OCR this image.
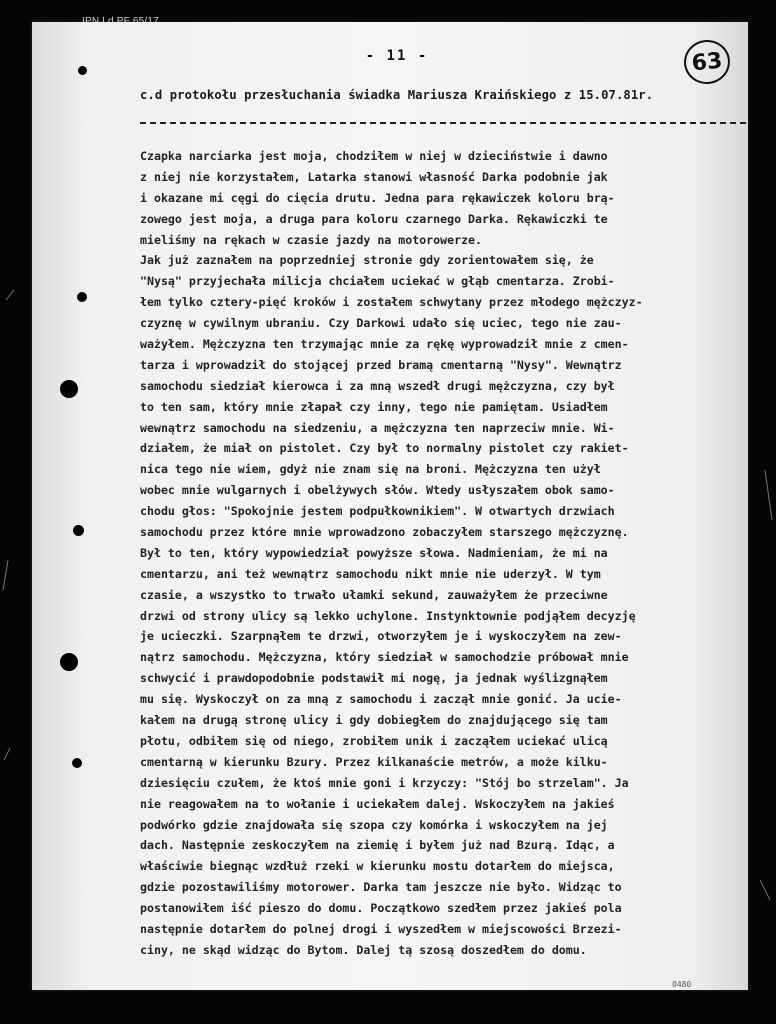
- 11 -	63
c.d protokołu przesłuchania świadka Mariusza Kraińskiego z 15.07.81r.
Czapka narciarka jest moja, chodziłem w niej w dzieciństwie i dawno
z niej nie korzystałem, Latarka stanowi własność Darka podobnie jak
i okazane mi cęgi do cięcia drutu. Jedna para rękawiczek koloru brą-
zowego jest moja, a druga para koloru czarnego Darka. Rękawiczki te
mieliśmy na rękach w czasie jazdy na motorowerze.
Jak już zaznałem na poprzedniej stronie gdy zorientowałem się, że
"Nysą" przyjechała milicja chciałem uciekać w głąb cmentarza. Zrobi-
łem tylko cztery-pięć kroków i zostałem schwytany przez młodego mężczyz-
czyznę w cywilnym ubraniu. Czy Darkowi udało się uciec, tego nie zau-
ważyłem. Mężczyzna ten trzymając mnie za rękę wyprowadził mnie z cmen-
tarza i wprowadził do stojącej przed bramą cmentarną "Nysy". Wewnątrz
samochodu siedział kierowca i za mną wszedł drugi mężczyzna, czy był
to ten sam, który mnie złapał czy inny, tego nie pamiętam. Usiadłem
wewnątrz samochodu na siedzeniu, a mężczyzna ten naprzeciw mnie. Wi-
działem, że miał on pistolet. Czy był to normalny pistolet czy rakiet-
nica tego nie wiem, gdyż nie znam się na broni. Mężczyzna ten użył
wobec mnie wulgarnych i obelżywych słów. Wtedy usłyszałem obok samo-
chodu głos: "Spokojnie jestem podpułkownikiem". W otwartych drzwiach
samochodu przez które mnie wprowadzono zobaczyłem starszego mężczyznę.
Był to ten, który wypowiedział powyższe słowa. Nadmieniam, że mi na
cmentarzu, ani też wewnątrz samochodu nikt mnie nie uderzył. W tym
czasie, a wszystko to trwało ułamki sekund, zauważyłem że przeciwne
drzwi od strony ulicy są lekko uchylone. Instynktownie podjąłem decyzję
je ucieczki. Szarpnąłem te drzwi, otworzyłem je i wyskoczyłem na zew-
nątrz samochodu. Mężczyzna, który siedział w samochodzie próbował mnie
schwycić i prawdopodobnie podstawił mi nogę, ja jednak wyślizgnąłem
mu się. Wyskoczył on za mną z samochodu i zaczął mnie gonić. Ja ucie-
kałem na drugą stronę ulicy i gdy dobiegłem do znajdującego się tam
płotu, odbiłem się od niego, zrobiłem unik i zacząłem uciekać ulicą
cmentarną w kierunku Bzury. Przez kilkanaście metrów, a może kilku-
dziesięciu czułem, że ktoś mnie goni i krzyczy: "Stój bo strzelam". Ja
nie reagowałem na to wołanie i uciekałem dalej. Wskoczyłem na jakieś
podwórko gdzie znajdowała się szopa czy komórka i wskoczyłem na jej
dach. Następnie zeskoczyłem na ziemię i byłem już nad Bzurą. Idąc, a
właściwie biegnąc wzdłuż rzeki w kierunku mostu dotarłem do miejsca,
gdzie pozostawiliśmy motorower. Darka tam jeszcze nie było. Widząc to
postanowiłem iść pieszo do domu. Początkowo szedłem przez jakieś pola
następnie dotarłem do polnej drogi i wyszedłem w miejscowości Brzezi-
ciny, ne skąd widząc do Bytom. Dalej tą szosą doszedłem do domu.
0480
